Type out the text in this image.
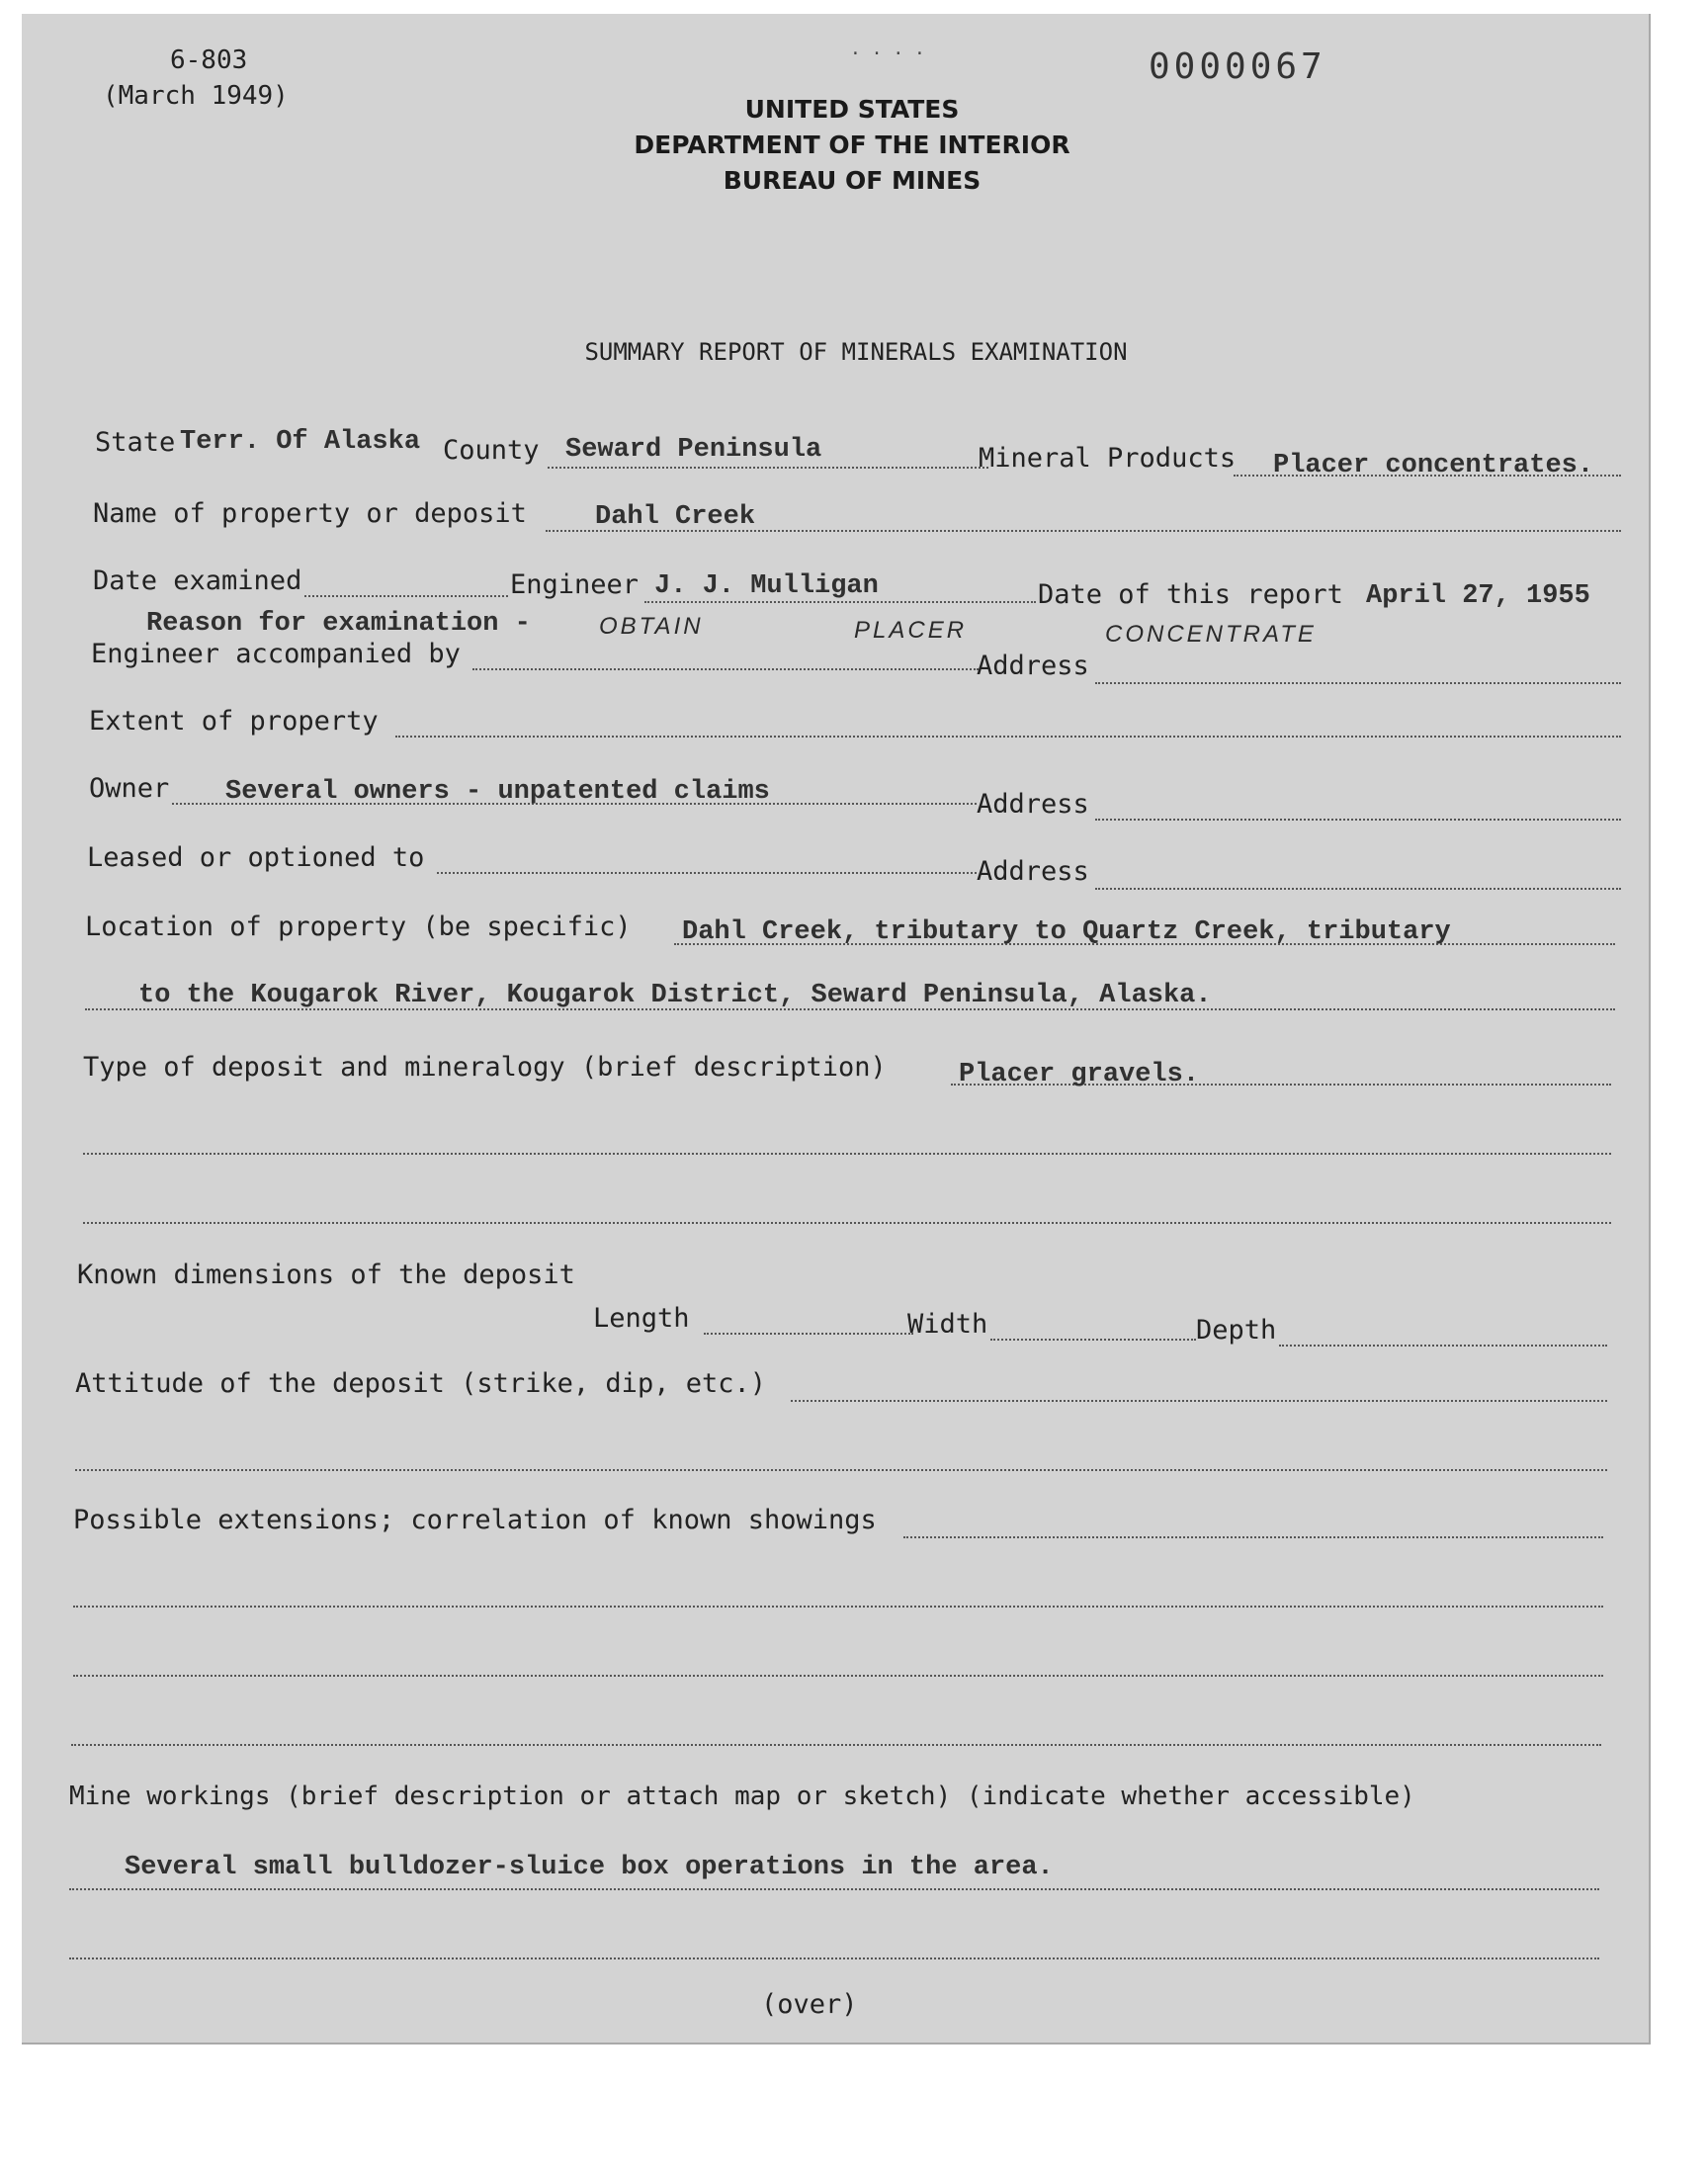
6-803
(March 1949)
0000067
· · · ·
UNITED STATES
DEPARTMENT OF THE INTERIOR
BUREAU OF MINES
SUMMARY REPORT OF MINERALS EXAMINATION
State Terr. Of Alaska County Seward Peninsula	Mineral Products Placer concentrates.
Name of property or deposit	Dahl Creek
Date examined	Engineer J. J. Mulligan	Date of this report April 27, 1955
Reason for examination -	OBTAIN	PLACER	CONCENTRATE
Engineer accompanied by	Address
Extent of property
Owner Several owners - unpatented claims	Address
Leased or optioned to	Address
Location of property (be specific) Dahl Creek, tributary to Quartz Creek, tributary
to the Kougarok River, Kougarok District, Seward Peninsula, Alaska.
Type of deposit and mineralogy (brief description)	Placer gravels.
Known dimensions of the deposit
Length	Width	Depth
Attitude of the deposit (strike, dip, etc.)
Possible extensions; correlation of known showings
Mine workings (brief description or attach map or sketch) (indicate whether accessible)
Several small bulldozer-sluice box operations in the area.
(over)
